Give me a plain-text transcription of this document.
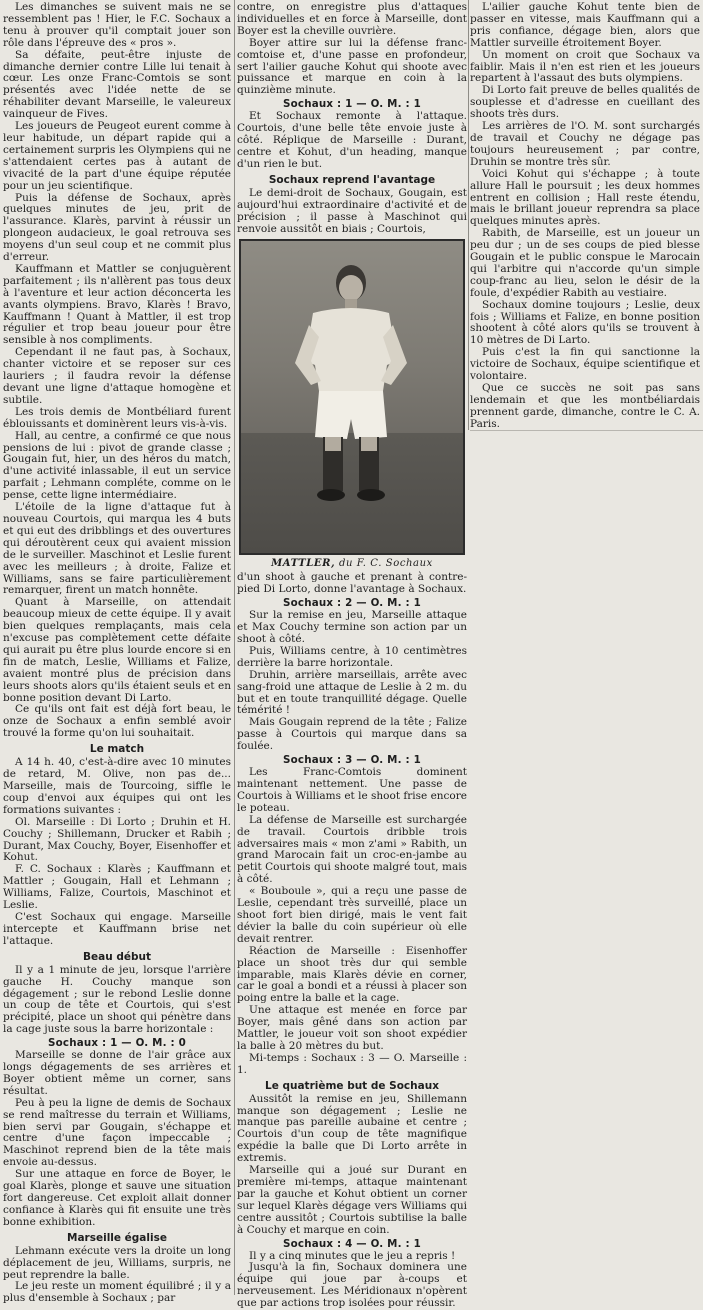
Les dimanches se suivent mais ne se ressemblent pas ! Hier, le F.C. Sochaux a tenu à prouver qu'il comptait jouer son rôle dans l'épreuve des « pros ».

Sa défaite, peut-être injuste de dimanche dernier contre Lille lui tenait à cœur. Les onze Franc-Comtois se sont présentés avec l'idée nette de se réhabiliter devant Marseille, le valeureux vainqueur de Fives.

Les joueurs de Peugeot eurent comme à leur habitude, un départ rapide qui a certainement surpris les Olympiens qui ne s'attendaient certes pas à autant de vivacité de la part d'une équipe réputée pour un jeu scientifique.

Puis la défense de Sochaux, après quelques minutes de jeu, prit de l'assurance. Klarès, parvint à réussir un plongeon audacieux, le goal retrouva ses moyens d'un seul coup et ne commit plus d'erreur.

Kauffmann et Mattler se conjuguèrent parfaitement ; ils n'allèrent pas tous deux à l'aventure et leur action déconcerta les avants olympiens. Bravo, Klarès ! Bravo, Kauffmann ! Quant à Mattler, il est trop régulier et trop beau joueur pour être sensible à nos compliments.

Cependant il ne faut pas, à Sochaux, chanter victoire et se reposer sur ces lauriers ; il faudra revoir la défense devant une ligne d'attaque homogène et subtile.

Les trois demis de Montbéliard furent éblouissants et dominèrent leurs vis-à-vis.

Hall, au centre, a confirmé ce que nous pensions de lui : pivot de grande classe ; Gougain fut, hier, un des héros du match, d'une activité inlassable, il eut un service parfait ; Lehmann compléte, comme on le pense, cette ligne intermédiaire.

L'étoile de la ligne d'attaque fut à nouveau Courtois, qui marqua les 4 buts et qui eut des dribblings et des ouvertures qui déroutèrent ceux qui avaient mission de le surveiller. Maschinot et Leslie furent avec les meilleurs ; à droite, Falize et Williams, sans se faire particulièrement remarquer, firent un match honnête.

Quant à Marseille, on attendait beaucoup mieux de cette équipe. Il y avait bien quelques remplaçants, mais cela n'excuse pas complètement cette défaite qui aurait pu être plus lourde encore si en fin de match, Leslie, Williams et Falize, avaient montré plus de précision dans leurs shoots alors qu'ils étaient seuls et en bonne position devant Di Larto.

Ce qu'ils ont fait est déjà fort beau, le onze de Sochaux a enfin semblé avoir trouvé la forme qu'on lui souhaitait.

Le match

A 14 h. 40, c'est-à-dire avec 10 minutes de retard, M. Olive, non pas de... Marseille, mais de Tourcoing, siffle le coup d'envoi aux équipes qui ont les formations suivantes :

Ol. Marseille : Di Lorto ; Druhin et H. Couchy ; Shillemann, Drucker et Rabih ; Durant, Max Couchy, Boyer, Eisenhoffer et Kohut.

F. C. Sochaux : Klarès ; Kauffmann et Mattler ; Gougain, Hall et Lehmann ; Williams, Falize, Courtois, Maschinot et Leslie.

C'est Sochaux qui engage. Marseille intercepte et Kauffmann brise net l'attaque.

Beau début

Il y a 1 minute de jeu, lorsque l'arrière gauche H. Couchy manque son dégagement ; sur le rebond Leslie donne un coup de tête et Courtois, qui s'est précipité, place un shoot qui pénètre dans la cage juste sous la barre horizontale :

Sochaux : 1 — O. M. : 0

Marseille se donne de l'air grâce aux longs dégagements de ses arrières et Boyer obtient même un corner, sans résultat.

Peu à peu la ligne de demis de Sochaux se rend maîtresse du terrain et Williams, bien servi par Gougain, s'échappe et centre d'une façon impeccable ; Maschinot reprend bien de la tête mais envoie au-dessus.

Sur une attaque en force de Boyer, le goal Klarès, plonge et sauve une situation fort dangereuse. Cet exploit allait donner confiance à Klarès qui fit ensuite une très bonne exhibition.

Marseille égalise

Lehmann exécute vers la droite un long déplacement de jeu, Williams, surpris, ne peut reprendre la balle.

Le jeu reste un moment équilibré ; il y a plus d'ensemble à Sochaux ; par

contre, on enregistre plus d'attaques individuelles et en force à Marseille, dont Boyer est la cheville ouvrière.

Boyer attire sur lui la défense franc-comtoise et, d'une passe en profondeur, sert l'ailier gauche Kohut qui shoote avec puissance et marque en coin à la quinzième minute.

Sochaux : 1 — O. M. : 1

Et Sochaux remonte à l'attaque. Courtois, d'une belle tête envoie juste à côté. Réplique de Marseille : Durant, centre et Kohut, d'un heading, manque d'un rien le but.

Sochaux reprend l'avantage

Le demi-droit de Sochaux, Gougain, est aujourd'hui extraordinaire d'activité et de précision ; il passe à Maschinot qui renvoie aussitôt en biais ; Courtois,

MATTLER, du F. C. Sochaux

d'un shoot à gauche et prenant à contre-pied Di Lorto, donne l'avantage à Sochaux.

Sochaux : 2 — O. M. : 1

Sur la remise en jeu, Marseille attaque et Max Couchy termine son action par un shoot à côté.

Puis, Williams centre, à 10 centimètres derrière la barre horizontale.

Druhin, arrière marseillais, arrête avec sang-froid une attaque de Leslie à 2 m. du but et en toute tranquillité dégage. Quelle témérité !

Mais Gougain reprend de la tête ; Falize passe à Courtois qui marque dans sa foulée.

Sochaux : 3 — O. M. : 1

Les Franc-Comtois dominent maintenant nettement. Une passe de Courtois à Williams et le shoot frise encore le poteau.

La défense de Marseille est surchargée de travail. Courtois dribble trois adversaires mais « mon z'ami » Rabith, un grand Marocain fait un croc-en-jambe au petit Courtois qui shoote malgré tout, mais à côté.

« Bouboule », qui a reçu une passe de Leslie, cependant très surveillé, place un shoot fort bien dirigé, mais le vent fait dévier la balle du coin supérieur où elle devait rentrer.

Réaction de Marseille : Eisenhoffer place un shoot très dur qui semble imparable, mais Klarès dévie en corner, car le goal a bondi et a réussi à placer son poing entre la balle et la cage.

Une attaque est menée en force par Boyer, mais gêné dans son action par Mattler, le joueur voit son shoot expédier la balle à 20 mètres du but.

Mi-temps : Sochaux : 3 — O. Marseille : 1.

Le quatrième but de Sochaux

Aussitôt la remise en jeu, Shillemann manque son dégagement ; Leslie ne manque pas pareille aubaine et centre ; Courtois d'un coup de tête magnifique expédie la balle que Di Lorto arrête in extremis.

Marseille qui a joué sur Durant en première mi-temps, attaque maintenant par la gauche et Kohut obtient un corner sur lequel Klarès dégage vers Williams qui centre aussitôt ; Courtois subtilise la balle à Couchy et marque en coin.

Sochaux : 4 — O. M. : 1

Il y a cinq minutes que le jeu a repris !

Jusqu'à la fin, Sochaux dominera une équipe qui joue par à-coups et nerveusement. Les Méridionaux n'opèrent que par actions trop isolées pour réussir.

L'ailier gauche Kohut tente bien de passer en vitesse, mais Kauffmann qui a pris confiance, dégage bien, alors que Mattler surveille étroitement Boyer.

Un moment on croit que Sochaux va faiblir. Mais il n'en est rien et les joueurs repartent à l'assaut des buts olympiens.

Di Lorto fait preuve de belles qualités de souplesse et d'adresse en cueillant des shoots très durs.

Les arrières de l'O. M. sont surchargés de travail et Couchy ne dégage pas toujours heureusement ; par contre, Druhin se montre très sûr.

Voici Kohut qui s'échappe ; à toute allure Hall le poursuit ; les deux hommes entrent en collision ; Hall reste étendu, mais le brillant joueur reprendra sa place quelques minutes après.

Rabith, de Marseille, est un joueur un peu dur ; un de ses coups de pied blesse Gougain et le public conspue le Marocain qui l'arbitre qui n'accorde qu'un simple coup-franc au lieu, selon le désir de la foule, d'expédier Rabith au vestiaire.

Sochaux domine toujours ; Leslie, deux fois ; Williams et Falize, en bonne position shootent à côté alors qu'ils se trouvent à 10 mètres de Di Larto.

Puis c'est la fin qui sanctionne la victoire de Sochaux, équipe scientifique et volontaire.

Que ce succès ne soit pas sans lendemain et que les montbéliardais prennent garde, dimanche, contre le C. A. Paris.
